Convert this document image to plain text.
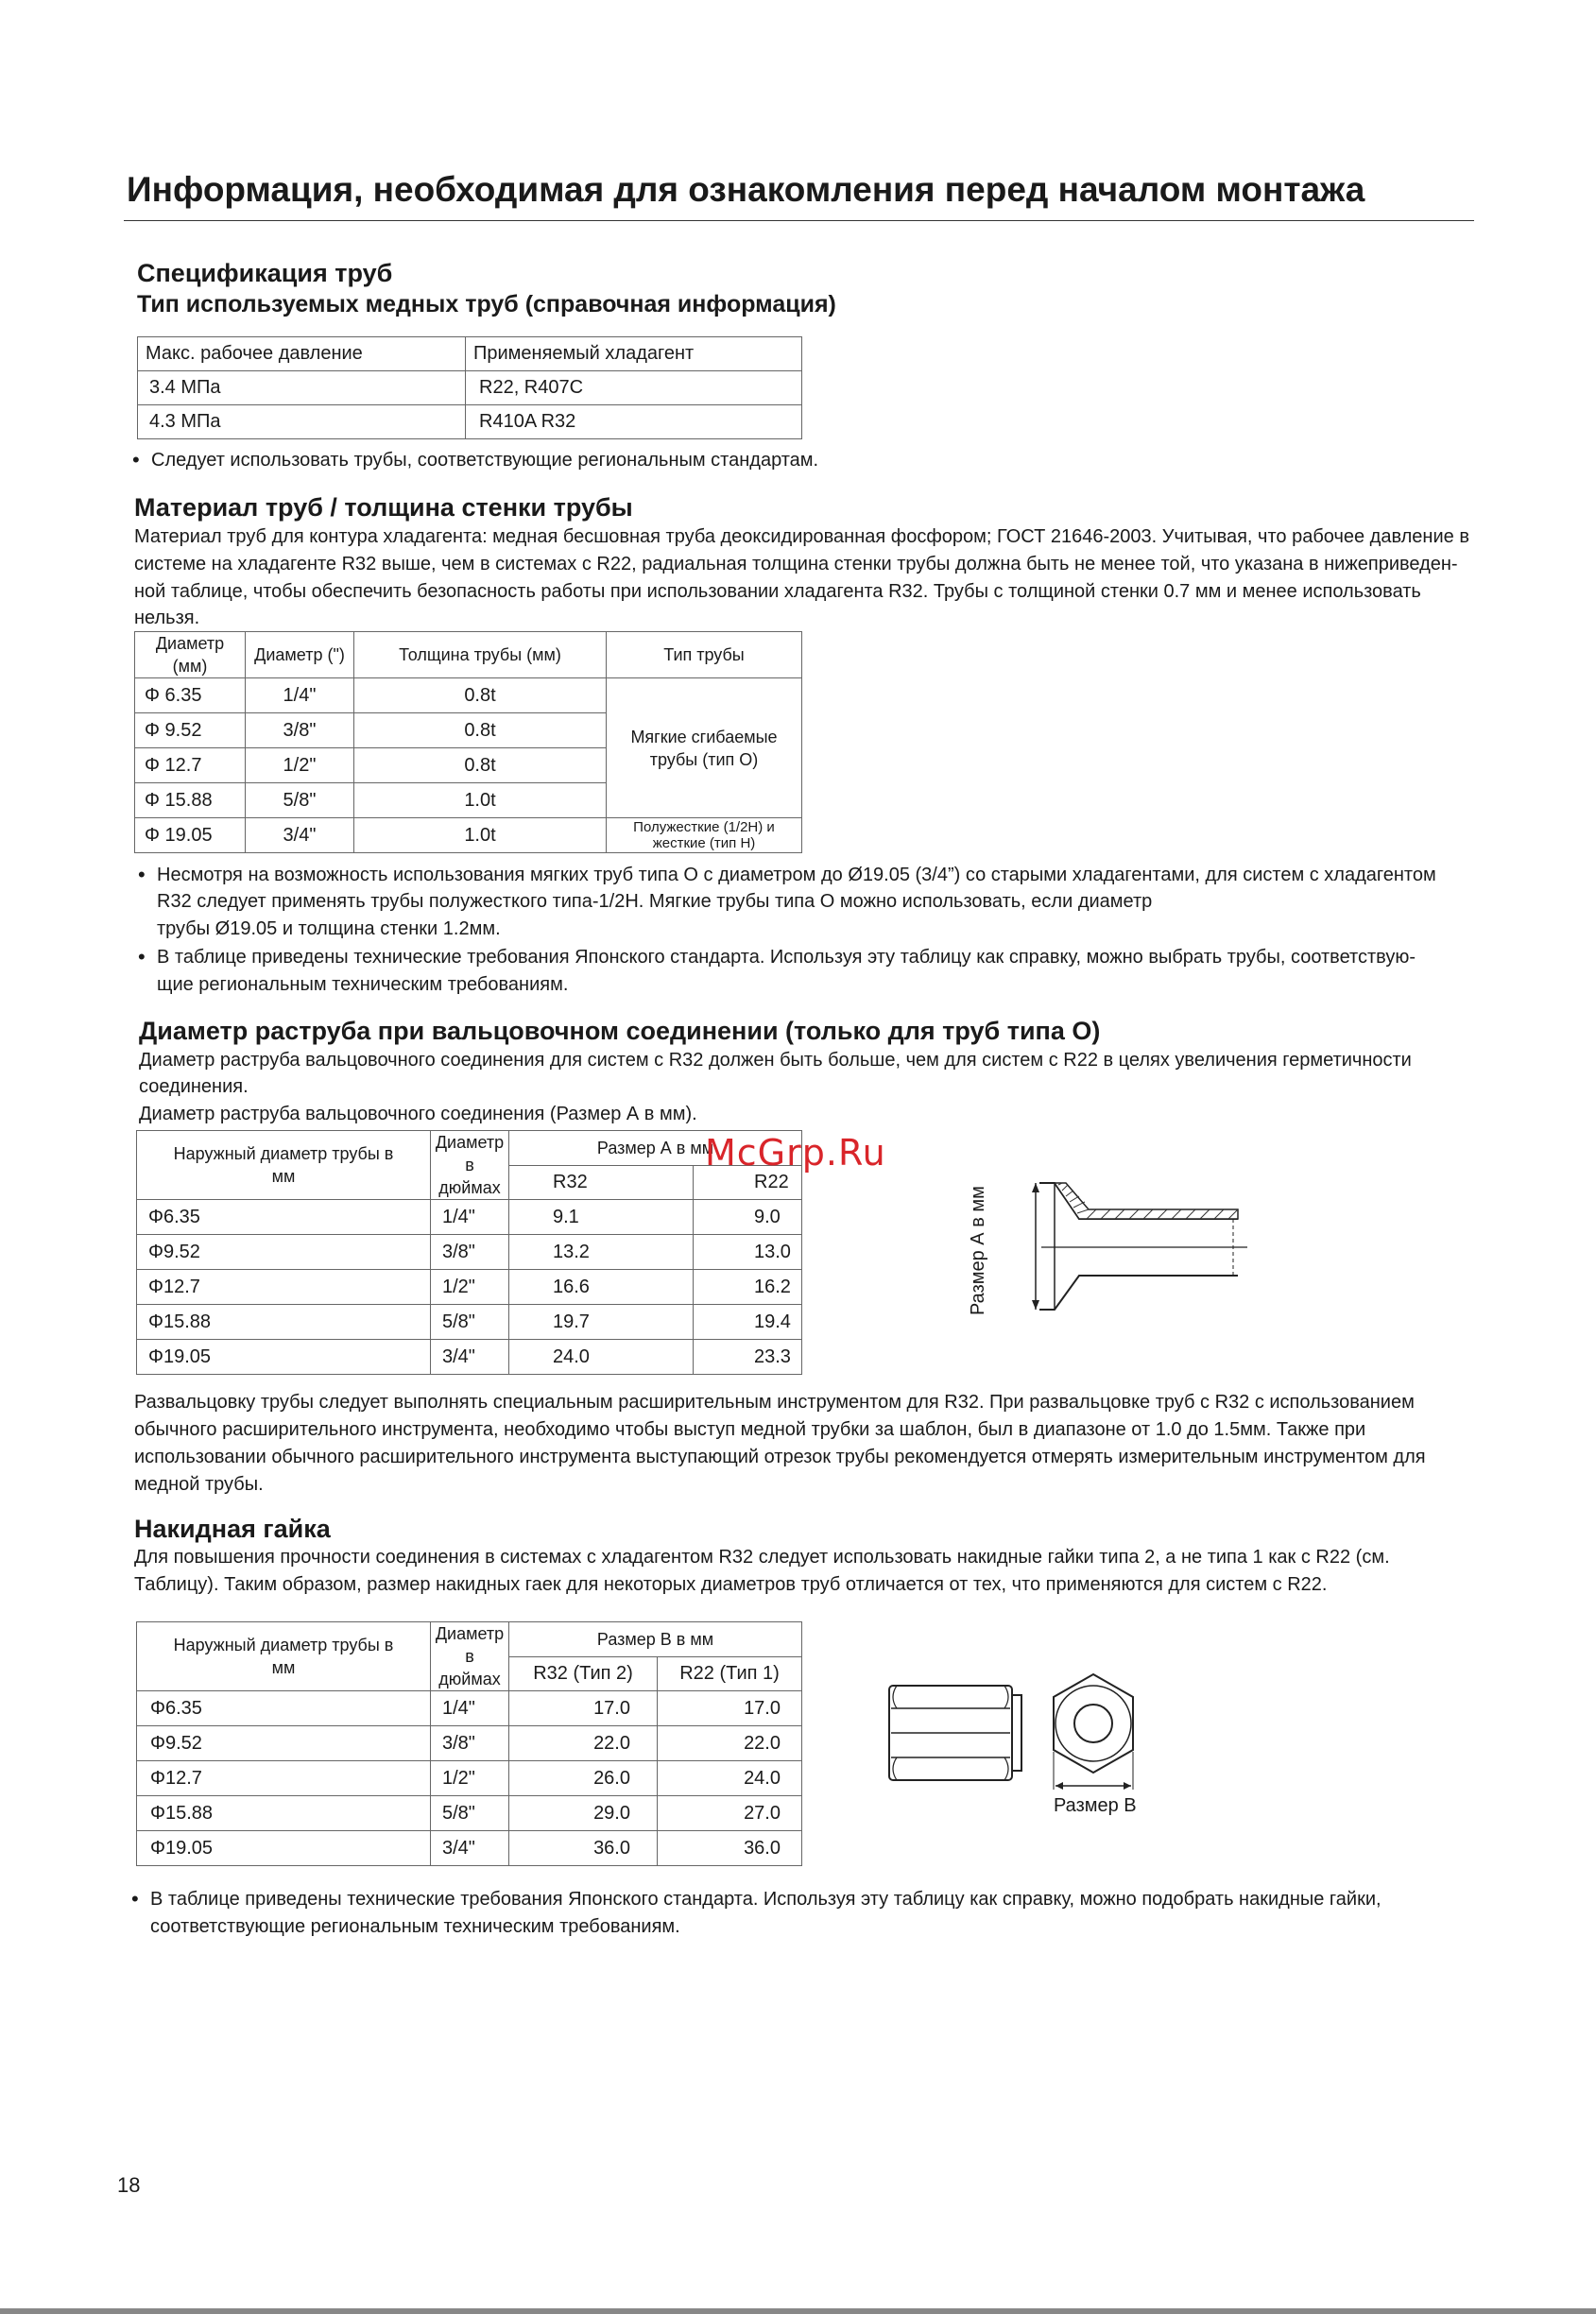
Информация, необходимая для ознакомления перед началом монтажа
Спецификация труб
Тип используемых медных труб (справочная информация)
Макс. рабочее давление	Применяемый хладагент
3.4 МПа	R22, R407C
4.3 МПа	R410A R32
• Следует использовать трубы, соответствующие региональным стандартам.
Материал труб / толщина стенки трубы
Материал труб для контура хладагента: медная бесшовная труба деоксидированная фосфором; ГОСТ 21646-2003. Учитывая, что рабочее давление в
системе на хладагенте R32 выше, чем в системах с R22, радиальная толщина стенки трубы должна быть не менее той, что указана в нижеприведен-
ной таблице, чтобы обеспечить безопасность работы при использовании хладагента R32. Трубы с толщиной стенки 0.7 мм и менее использовать
нельзя.
Диаметр (мм)	Диаметр (")	Толщина трубы (мм)	Тип трубы
Φ 6.35	1/4"	0.8t	Мягкие сгибаемые трубы (тип О)
Φ 9.52	3/8"	0.8t	
Φ 12.7	1/2"	0.8t	
Φ 15.88	5/8"	1.0t	
Φ 19.05	3/4"	1.0t	Полужесткие (1/2H) и жесткие (тип H)
• Несмотря на возможность использования мягких труб типа О с диаметром до Ø19.05 (3/4”) со старыми хладагентами, для систем с хладагентом
R32 следует применять трубы полужесткого типа-1/2H. Мягкие трубы типа О можно использовать, если диаметр
трубы Ø19.05 и толщина стенки 1.2мм.
• В таблице приведены технические требования Японского стандарта. Используя эту таблицу как справку, можно выбрать трубы, соответствую-
щие региональным техническим требованиям.
Диаметр раструба при вальцовочном соединении (только для труб типа О)
Диаметр раструба вальцовочного соединения для систем с R32 должен быть больше, чем для систем с R22 в целях увеличения герметичности
соединения.
Диаметр раструба вальцовочного соединения (Размер А в мм).
Наружный диаметр трубы в мм	Диаметр в дюймах	Размер А в мм	
		R32	R22
Φ6.35	1/4"	9.1	9.0
Φ9.52	3/8"	13.2	13.0
Φ12.7	1/2"	16.6	16.2
Φ15.88	5/8"	19.7	19.4
Φ19.05	3/4"	24.0	23.3
Размер А в мм
McGrp.Ru
Развальцовку трубы следует выполнять специальным расширительным инструментом для R32. При развальцовке труб с R32 с использованием
обычного расширительного инструмента, необходимо чтобы выступ медной трубки за шаблон, был в диапазоне от 1.0 до 1.5мм. Также при
использовании обычного расширительного инструмента выступающий отрезок трубы рекомендуется отмерять измерительным инструментом для
медной трубы.
Накидная гайка
Для повышения прочности соединения в системах с хладагентом R32 следует использовать накидные гайки типа 2, а не типа 1 как с R22 (см.
Таблицу). Таким образом, размер накидных гаек для некоторых диаметров труб отличается от тех, что применяются для систем с R22.
Наружный диаметр трубы в мм	Диаметр в дюймах	Размер В в мм	
		R32 (Тип 2)	R22 (Тип 1)
Φ6.35	1/4"	17.0	17.0
Φ9.52	3/8"	22.0	22.0
Φ12.7	1/2"	26.0	24.0
Φ15.88	5/8"	29.0	27.0
Φ19.05	3/4"	36.0	36.0
Размер В
• В таблице приведены технические требования Японского стандарта. Используя эту таблицу как справку, можно подобрать накидные гайки,
соответствующие региональным техническим требованиям.
18
